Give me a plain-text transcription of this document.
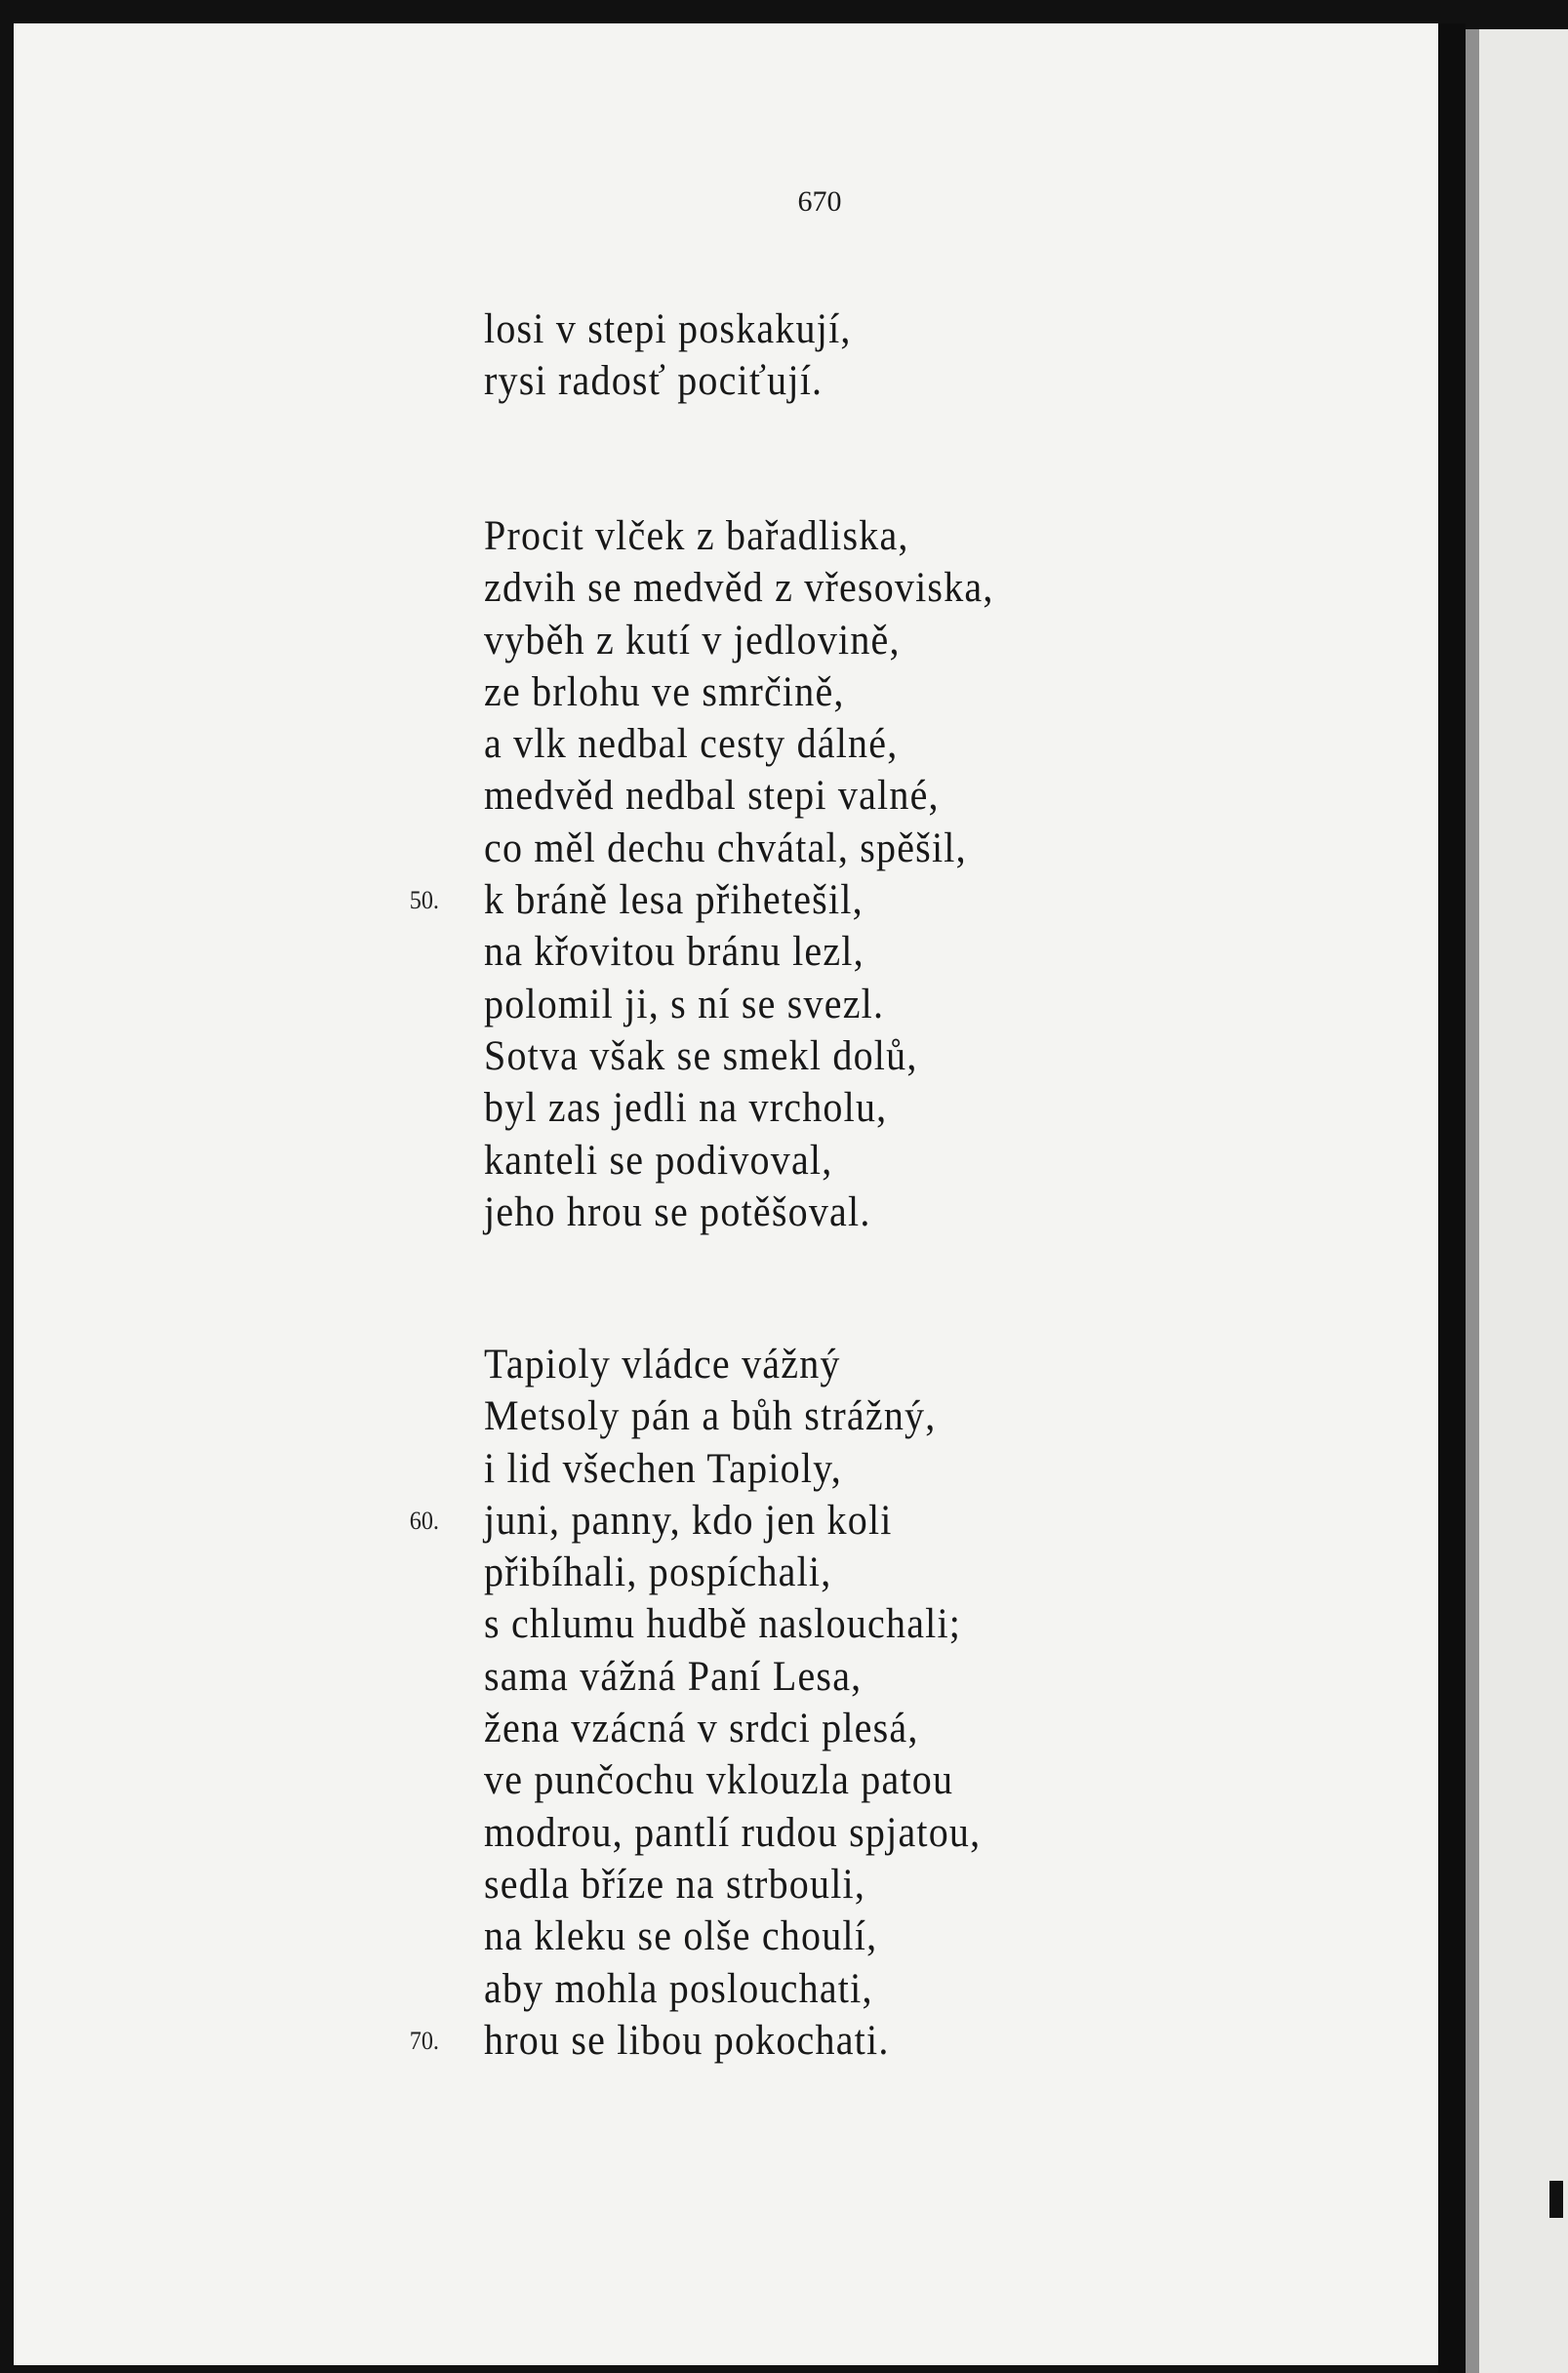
670
losi v stepi poskakují,
rysi radosť pociťují.
Procit vlček z bařadliska,
zdvih se medvěd z vřesoviska,
vyběh z kutí v jedlovině,
ze brlohu ve smrčině,
a vlk nedbal cesty dálné,
medvěd nedbal stepi valné,
co měl dechu chvátal, spěšil,
k bráně lesa přihetešil,
50.
na křovitou bránu lezl,
polomil ji, s ní se svezl.
Sotva však se smekl dolů,
byl zas jedli na vrcholu,
kanteli se podivoval,
jeho hrou se potěšoval.
Tapioly vládce vážný
Metsoly pán a bůh strážný,
i lid všechen Tapioly,
juni, panny, kdo jen koli
60.
přibíhali, pospíchali,
s chlumu hudbě naslouchali;
sama vážná Paní Lesa,
žena vzácná v srdci plesá,
ve punčochu vklouzla patou
modrou, pantlí rudou spjatou,
sedla bříze na strbouli,
na kleku se olše choulí,
aby mohla poslouchati,
hrou se libou pokochati.
70.
